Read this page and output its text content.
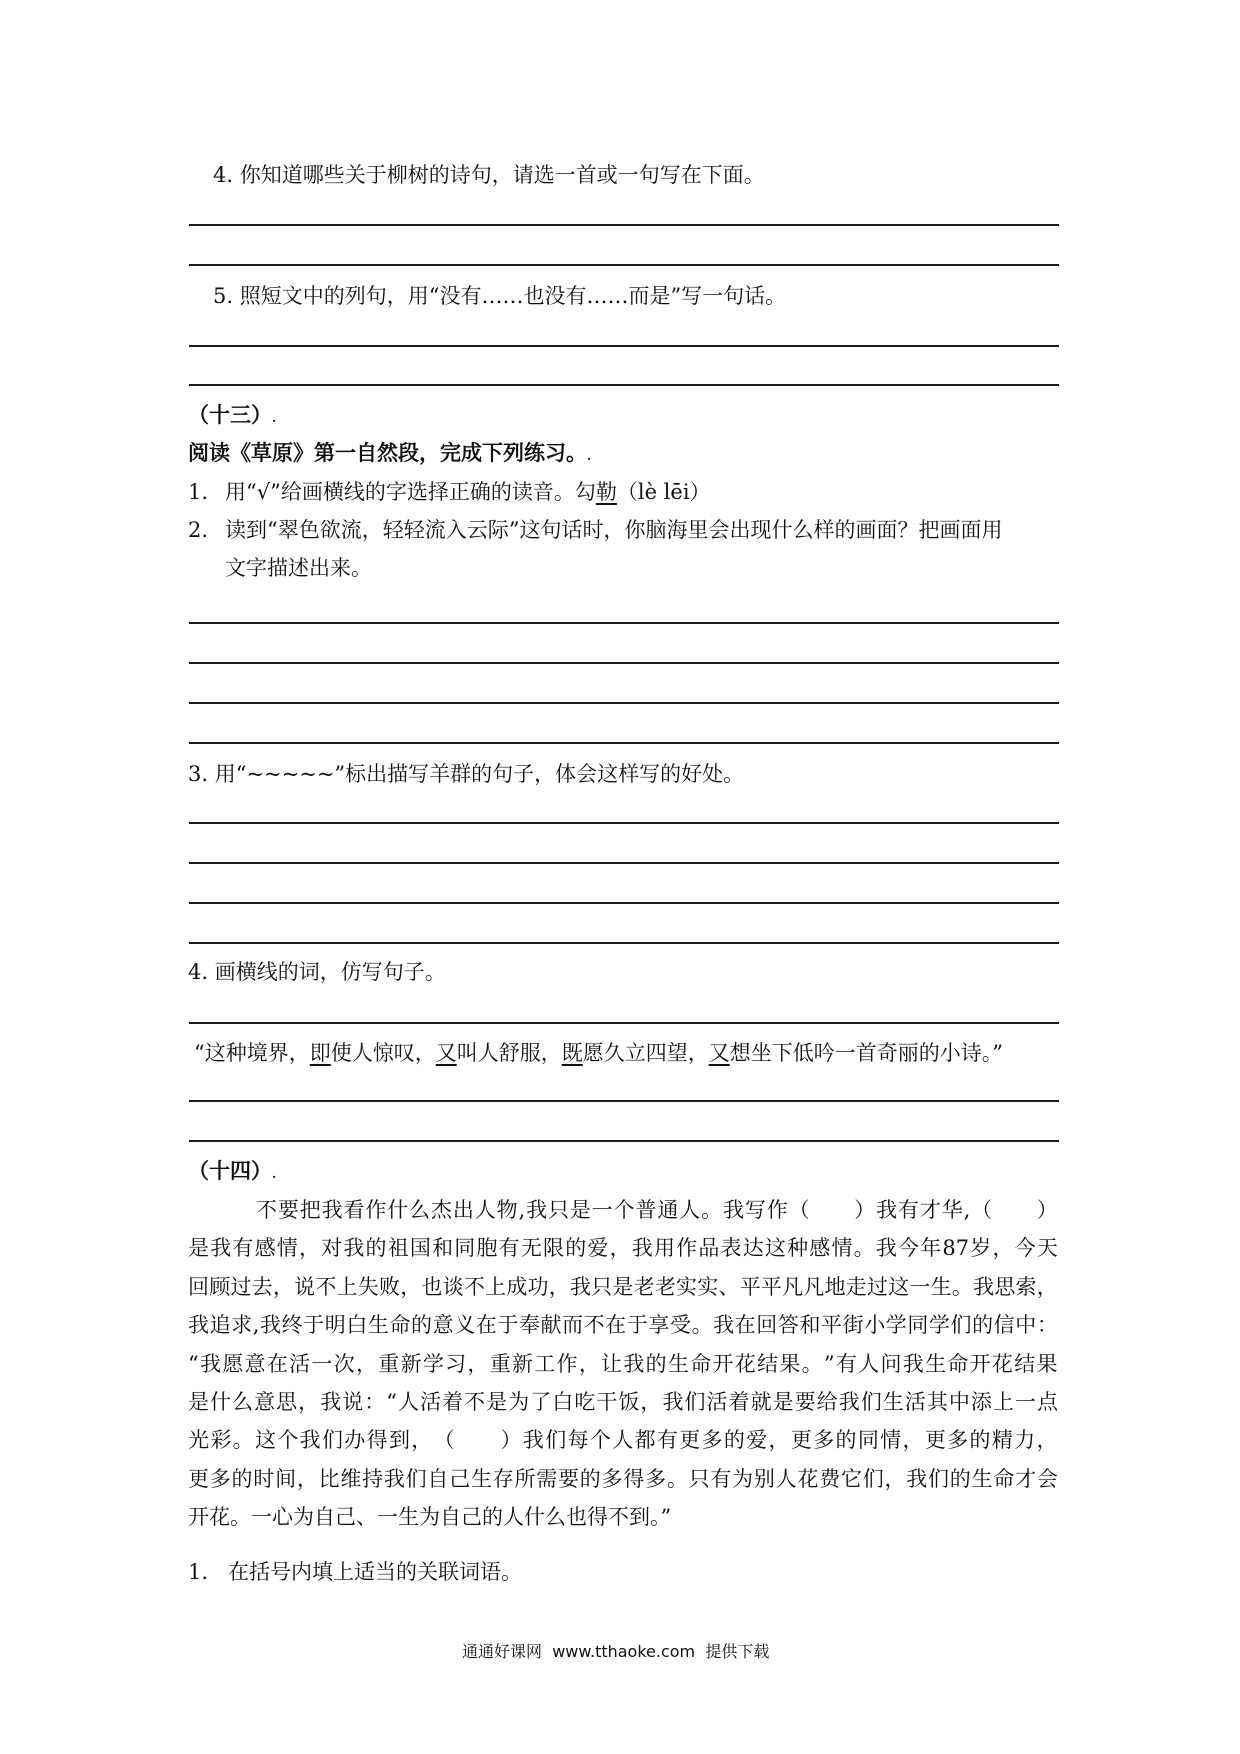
4. 你知道哪些关于柳树的诗句，请选一首或一句写在下面。

5. 照短文中的列句，用“没有……也没有……而是”写一句话。

（十三）.

阅读《草原》第一自然段，完成下列练习。.

1. 用“√”给画横线的字选择正确的读音。勾勒（lè lēi）

2. 读到“翠色欲流，轻轻流入云际”这句话时，你脑海里会出现什么样的画面？把画面用

文字描述出来。

3. 用“~~~~~”标出描写羊群的句子，体会这样写的好处。

4. 画横线的词，仿写句子。

“这种境界，即使人惊叹，又叫人舒服，既愿久立四望，又想坐下低吟一首奇丽的小诗。”

（十四）.

不 要 把 我 看 作 什 么 杰 出 人 物 , 我 只 是 一 个 普 通 人 。 我 写 作 （

　 ） 我 有 才 华 , （

　 ）
是 我 有 感 情 ， 对 我 的 祖 国 和 同 胞 有 无 限 的 爱 ， 我 用 作 品 表 达 这 种 感 情 。 我 今 年 87 岁 ， 今 天
回 顾 过 去 ， 说 不 上 失 败 ， 也 谈 不 上 成 功 ， 我 只 是 老 老 实 实 、 平 平 凡 凡 地 走 过 这 一 生 。 我 思 索 ，
我 追 求 , 我 终 于 明 白 生 命 的 意 义 在 于 奉 献 而 不 在 于 享 受 。 我 在 回 答 和 平 街 小 学 同 学 们 的 信 中 ：
“ 我 愿 意 在 活 一 次 ， 重 新 学 习 ， 重 新 工 作 ， 让 我 的 生 命 开 花 结 果 。 ” 有 人 问 我 生 命 开 花 结 果
是 什 么 意 思 ， 我 说 ： “ 人 活 着 不 是 为 了 白 吃 干 饭 ， 我 们 活 着 就 是 要 给 我 们 生 活 其 中 添 上 一 点
光 彩 。 这 个 我 们 办 得 到 ， （

　 ） 我 们 每 个 人 都 有 更 多 的 爱 ， 更 多 的 同 情 ， 更 多 的 精 力 ，
更 多 的 时 间 ， 比 维 持 我 们 自 己 生 存 所 需 要 的 多 得 多 。 只 有 为 别 人 花 费 它 们 ， 我 们 的 生 命 才 会
开花。一心为自己、一生为自己的人什么也得不到。”

1. 在括号内填上适当的关联词语。

通通好课网 www.tthaoke.com 提供下载
